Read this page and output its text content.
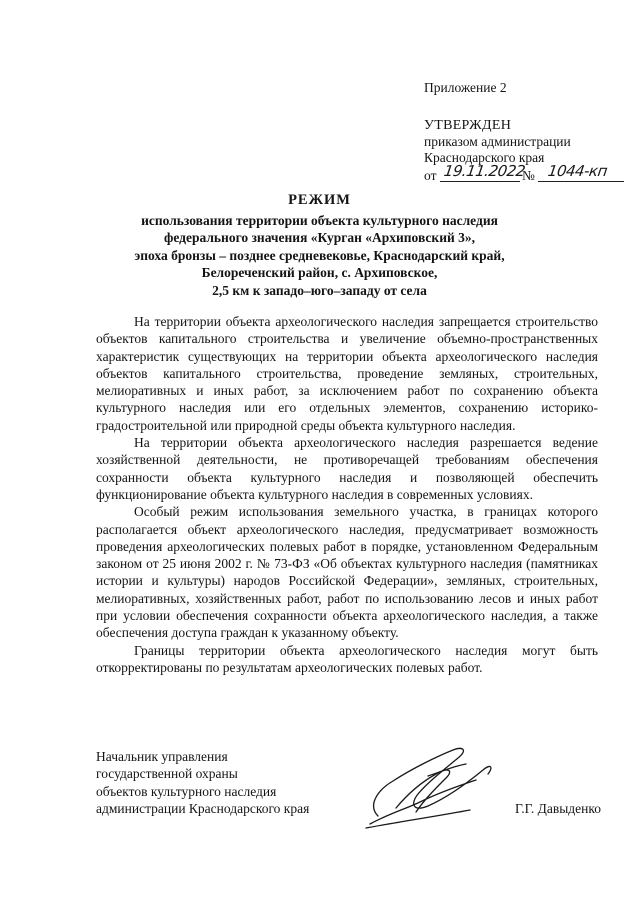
Приложение 2
УТВЕРЖДЕН
приказом администрации
Краснодарского края
от 19.11.2022
№ 1044-кп
РЕЖИМ
использования территории объекта культурного наследия
федерального значения «Курган «Архиповский 3»,
эпоха бронзы – позднее средневековье, Краснодарский край,
Белореченский район, с. Архиповское,
2,5 км к западо–юго–западу от села

На территории объекта археологического наследия запрещается строительство объектов капитального строительства и увеличение объемно-пространственных характеристик существующих на территории объекта археологического наследия объектов капитального строительства, проведение земляных, строительных, мелиоративных и иных работ, за исключением работ по сохранению объекта культурного наследия или его отдельных элементов, сохранению историко-градостроительной или природной среды объекта культурного наследия.

На территории объекта археологического наследия разрешается ведение хозяйственной деятельности, не противоречащей требованиям обеспечения сохранности объекта культурного наследия и позволяющей обеспечить функционирование объекта культурного наследия в современных условиях.

Особый режим использования земельного участка, в границах которого располагается объект археологического наследия, предусматривает возможность проведения археологических полевых работ в порядке, установленном Федеральным законом от 25 июня 2002 г. № 73-ФЗ «Об объектах культурного наследия (памятниках истории и культуры) народов Российской Федерации», земляных, строительных, мелиоративных, хозяйственных работ, работ по использованию лесов и иных работ при условии обеспечения сохранности объекта археологического наследия, а также обеспечения доступа граждан к указанному объекту.

Границы территории объекта археологического наследия могут быть откорректированы по результатам археологических полевых работ.

Начальник управления
государственной охраны
объектов культурного наследия
администрации Краснодарского края	Г.Г. Давыденко
